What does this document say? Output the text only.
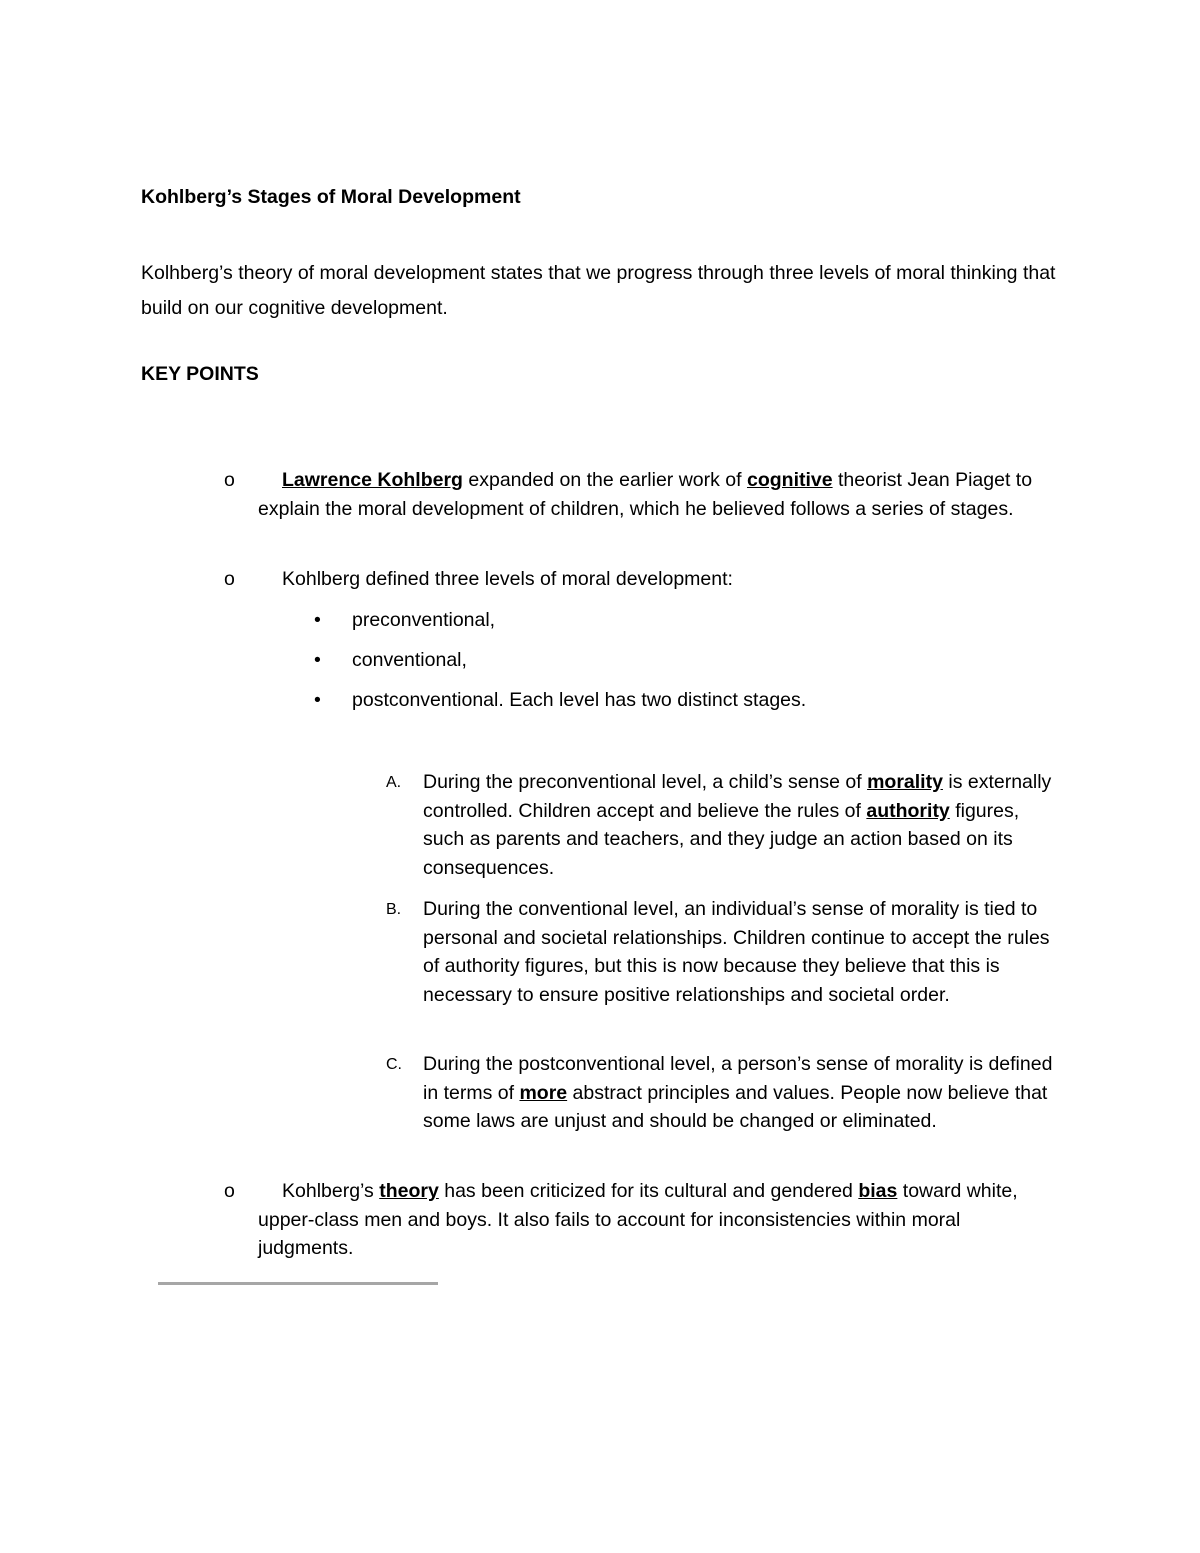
Kohlberg’s Stages of Moral Development
Kolhberg’s theory of moral development states that we progress through three levels of moral thinking that build on our cognitive development.
KEY POINTS
o Lawrence Kohlberg expanded on the earlier work of cognitive theorist Jean Piaget to explain the moral development of children, which he believed follows a series of stages.
o Kohlberg defined three levels of moral development:
• preconventional,
• conventional,
• postconventional. Each level has two distinct stages.
A. During the preconventional level, a child’s sense of morality is externally controlled. Children accept and believe the rules of authority figures, such as parents and teachers, and they judge an action based on its consequences.
B. During the conventional level, an individual’s sense of morality is tied to personal and societal relationships. Children continue to accept the rules of authority figures, but this is now because they believe that this is necessary to ensure positive relationships and societal order.
C. During the postconventional level, a person’s sense of morality is defined in terms of more abstract principles and values. People now believe that some laws are unjust and should be changed or eliminated.
o Kohlberg’s theory has been criticized for its cultural and gendered bias toward white, upper-class men and boys. It also fails to account for inconsistencies within moral judgments.
